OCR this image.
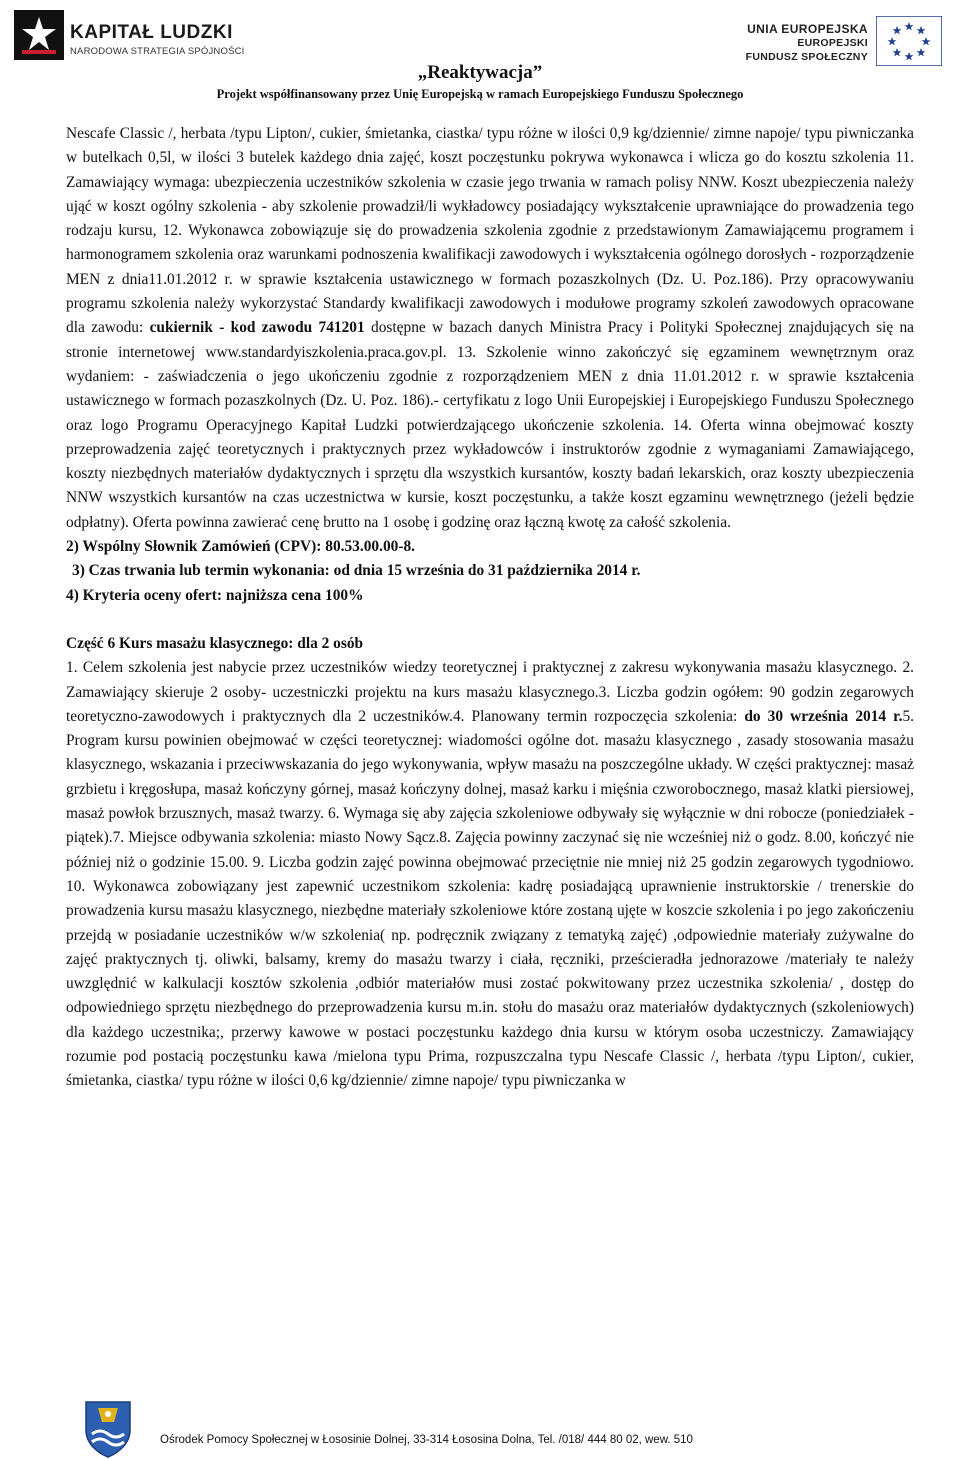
KAPITAŁ LUDZKI
NARODOWA STRATEGIA SPÓJNOŚCI
UNIA EUROPEJSKA
EUROPEJSKI
FUNDUSZ SPOŁECZNY
„Reaktywacja”
Projekt współfinansowany przez Unię Europejską w ramach Europejskiego Funduszu Społecznego

Nescafe Classic /, herbata /typu Lipton/, cukier, śmietanka, ciastka/ typu różne w ilości 0,9 kg/dziennie/ zimne napoje/ typu piwniczanka w butelkach 0,5l, w ilości 3 butelek każdego dnia zajęć, koszt poczęstunku pokrywa wykonawca i wlicza go do kosztu szkolenia 11. Zamawiający wymaga: ubezpieczenia uczestników szkolenia w czasie jego trwania w ramach polisy NNW. Koszt ubezpieczenia należy ująć w koszt ogólny szkolenia - aby szkolenie prowadził/li wykładowcy posiadający wykształcenie uprawniające do prowadzenia tego rodzaju kursu, 12. Wykonawca zobowiązuje się do prowadzenia szkolenia zgodnie z przedstawionym Zamawiającemu programem i harmonogramem szkolenia oraz warunkami podnoszenia kwalifikacji zawodowych i wykształcenia ogólnego dorosłych - rozporządzenie MEN z dnia11.01.2012 r. w sprawie kształcenia ustawicznego w formach pozaszkolnych (Dz. U. Poz.186). Przy opracowywaniu programu szkolenia należy wykorzystać Standardy kwalifikacji zawodowych i modułowe programy szkoleń zawodowych opracowane dla zawodu: cukiernik - kod zawodu 741201 dostępne w bazach danych Ministra Pracy i Polityki Społecznej znajdujących się na stronie internetowej www.standardyiszkolenia.praca.gov.pl. 13. Szkolenie winno zakończyć się egzaminem wewnętrznym oraz wydaniem: - zaświadczenia o jego ukończeniu zgodnie z rozporządzeniem MEN z dnia 11.01.2012 r. w sprawie kształcenia ustawicznego w formach pozaszkolnych (Dz. U. Poz. 186).- certyfikatu z logo Unii Europejskiej i Europejskiego Funduszu Społecznego oraz logo Programu Operacyjnego Kapitał Ludzki potwierdzającego ukończenie szkolenia. 14. Oferta winna obejmować koszty przeprowadzenia zajęć teoretycznych i praktycznych przez wykładowców i instruktorów zgodnie z wymaganiami Zamawiającego, koszty niezbędnych materiałów dydaktycznych i sprzętu dla wszystkich kursantów, koszty badań lekarskich, oraz koszty ubezpieczenia NNW wszystkich kursantów na czas uczestnictwa w kursie, koszt poczęstunku, a także koszt egzaminu wewnętrznego (jeżeli będzie odpłatny). Oferta powinna zawierać cenę brutto na 1 osobę i godzinę oraz łączną kwotę za całość szkolenia.

2) Wspólny Słownik Zamówień (CPV): 80.53.00.00-8.

3) Czas trwania lub termin wykonania: od dnia 15 września do 31 października 2014 r.

4) Kryteria oceny ofert: najniższa cena 100%

Część 6 Kurs masażu klasycznego: dla 2 osób

1. Celem szkolenia jest nabycie przez uczestników wiedzy teoretycznej i praktycznej z zakresu wykonywania masażu klasycznego. 2. Zamawiający skieruje 2 osoby- uczestniczki projektu na kurs masażu klasycznego.3. Liczba godzin ogółem: 90 godzin zegarowych teoretyczno-zawodowych i praktycznych dla 2 uczestników.4. Planowany termin rozpoczęcia szkolenia: do 30 września 2014 r.5. Program kursu powinien obejmować w części teoretycznej: wiadomości ogólne dot. masażu klasycznego , zasady stosowania masażu klasycznego, wskazania i przeciwwskazania do jego wykonywania, wpływ masażu na poszczególne układy. W części praktycznej: masaż grzbietu i kręgosłupa, masaż kończyny górnej, masaż kończyny dolnej, masaż karku i mięśnia czworobocznego, masaż klatki piersiowej, masaż powłok brzusznych, masaż twarzy. 6. Wymaga się aby zajęcia szkoleniowe odbywały się wyłącznie w dni robocze (poniedziałek - piątek).7. Miejsce odbywania szkolenia: miasto Nowy Sącz.8. Zajęcia powinny zaczynać się nie wcześniej niż o godz. 8.00, kończyć nie później niż o godzinie 15.00. 9. Liczba godzin zajęć powinna obejmować przeciętnie nie mniej niż 25 godzin zegarowych tygodniowo. 10. Wykonawca zobowiązany jest zapewnić uczestnikom szkolenia: kadrę posiadającą uprawnienie instruktorskie / trenerskie do prowadzenia kursu masażu klasycznego, niezbędne materiały szkoleniowe które zostaną ujęte w koszcie szkolenia i po jego zakończeniu przejdą w posiadanie uczestników w/w szkolenia( np. podręcznik związany z tematyką zajęć) ,odpowiednie materiały zużywalne do zajęć praktycznych tj. oliwki, balsamy, kremy do masażu twarzy i ciała, ręczniki, prześcieradła jednorazowe /materiały te należy uwzględnić w kalkulacji kosztów szkolenia ,odbiór materiałów musi zostać pokwitowany przez uczestnika szkolenia/ , dostęp do odpowiedniego sprzętu niezbędnego do przeprowadzenia kursu m.in. stołu do masażu oraz materiałów dydaktycznych (szkoleniowych) dla każdego uczestnika;, przerwy kawowe w postaci poczęstunku każdego dnia kursu w którym osoba uczestniczy. Zamawiający rozumie pod postacią poczęstunku kawa /mielona typu Prima, rozpuszczalna typu Nescafe Classic /, herbata /typu Lipton/, cukier, śmietanka, ciastka/ typu różne w ilości 0,6 kg/dziennie/ zimne napoje/ typu piwniczanka w

Ośrodek Pomocy Społecznej w Łososinie Dolnej, 33-314 Łososina Dolna, Tel. /018/ 444 80 02, wew. 510
